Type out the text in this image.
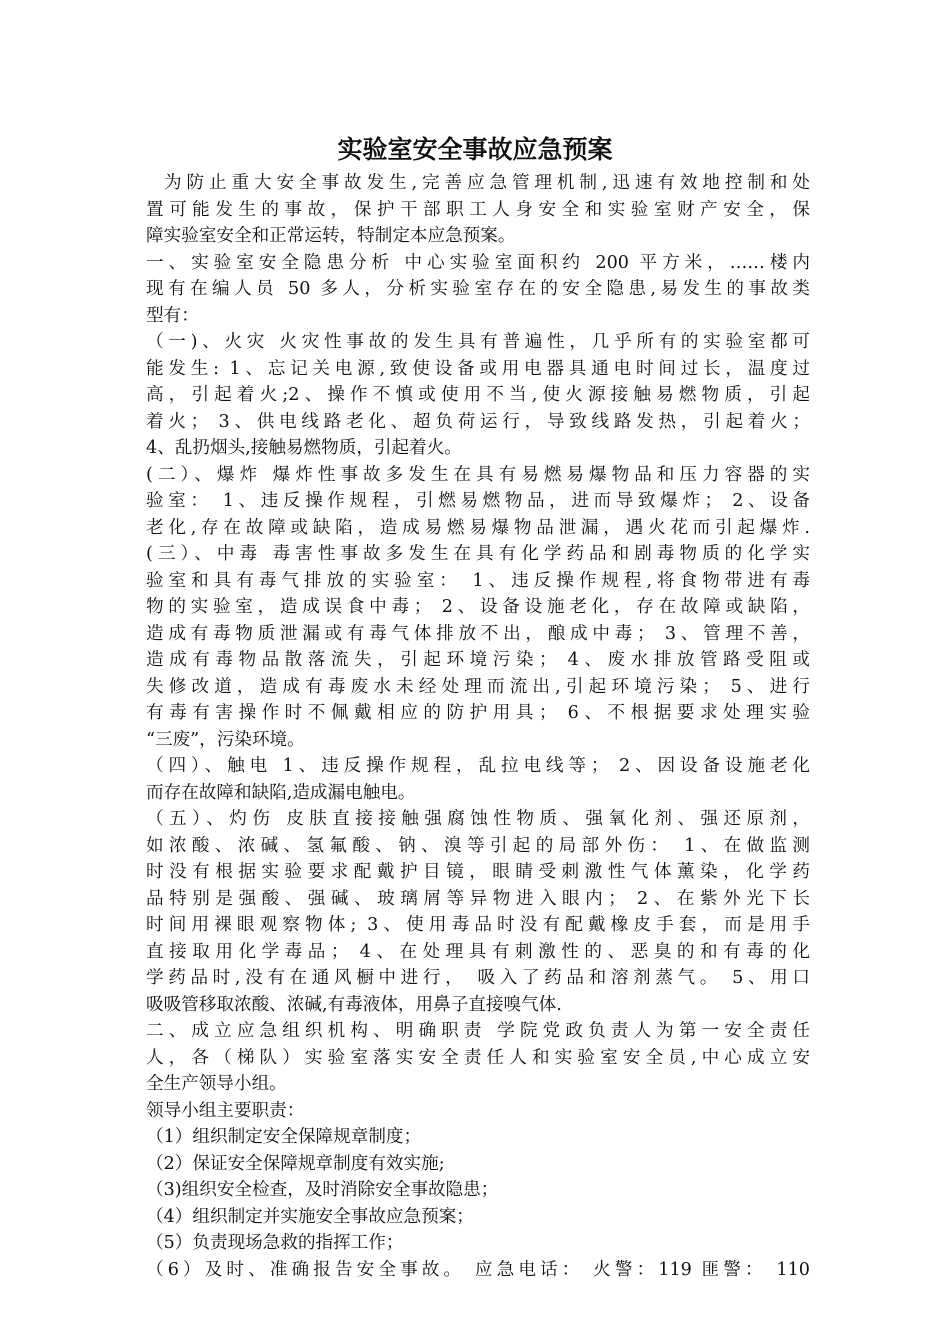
实验室安全事故应急预案
为防止重大安全事故发生,完善应急管理机制,迅速有效地控制和处
置可能发生的事故，保护干部职工人身安全和实验室财产安全，保
障实验室安全和正常运转，特制定本应急预案。
一、实验室安全隐患分析 中心实验室面积约 200 平方米，……楼内
现有在编人员 50 多人，分析实验室存在的安全隐患,易发生的事故类
型有：
（一)、火灾 火灾性事故的发生具有普遍性，几乎所有的实验室都可
能发生: 1、忘记关电源,致使设备或用电器具通电时间过长，温度过
高，引起着火;2、操作不慎或使用不当,使火源接触易燃物质，引起
着火； 3、供电线路老化、超负荷运行，导致线路发热，引起着火；
4、乱扔烟头,接触易燃物质，引起着火。
(二）、爆炸 爆炸性事故多发生在具有易燃易爆物品和压力容器的实
验室： 1、违反操作规程，引燃易燃物品，进而导致爆炸； 2、设备
老化,存在故障或缺陷，造成易燃易爆物品泄漏，遇火花而引起爆炸.
(三）、中毒 毒害性事故多发生在具有化学药品和剧毒物质的化学实
验室和具有毒气排放的实验室： 1、违反操作规程,将食物带进有毒
物的实验室，造成误食中毒； 2、设备设施老化，存在故障或缺陷，
造成有毒物质泄漏或有毒气体排放不出，酿成中毒； 3、管理不善，
造成有毒物品散落流失，引起环境污染； 4、废水排放管路受阻或
失修改道，造成有毒废水未经处理而流出,引起环境污染； 5、进行
有毒有害操作时不佩戴相应的防护用具； 6、不根据要求处理实验
“三废”，污染环境。
（四）、触电 1、违反操作规程，乱拉电线等； 2、因设备设施老化
而存在故障和缺陷,造成漏电触电。
（五）、灼伤 皮肤直接接触强腐蚀性物质、强氧化剂、强还原剂，
如浓酸、浓碱、氢氟酸、钠、溴等引起的局部外伤： 1、在做监测
时没有根据实验要求配戴护目镜，眼睛受刺激性气体薰染，化学药
品特别是强酸、强碱、玻璃屑等异物进入眼内； 2、在紫外光下长
时间用裸眼观察物体; 3、使用毒品时没有配戴橡皮手套，而是用手
直接取用化学毒品； 4、在处理具有刺激性的、恶臭的和有毒的化
学药品时,没有在通风橱中进行， 吸入了药品和溶剂蒸气。 5、用口
吸吸管移取浓酸、浓碱,有毒液体，用鼻子直接嗅气体.
二、成立应急组织机构、明确职责 学院党政负责人为第一安全责任
人，各（梯队）实验室落实安全责任人和实验室安全员,中心成立安
全生产领导小组。
领导小组主要职责：
（1）组织制定安全保障规章制度；
（2）保证安全保障规章制度有效实施;
（3)组织安全检查，及时消除安全事故隐患；
（4）组织制定并实施安全事故应急预案；
（5）负责现场急救的指挥工作；
（6）及时、准确报告安全事故。 应急电话： 火警：119 匪警： 110
